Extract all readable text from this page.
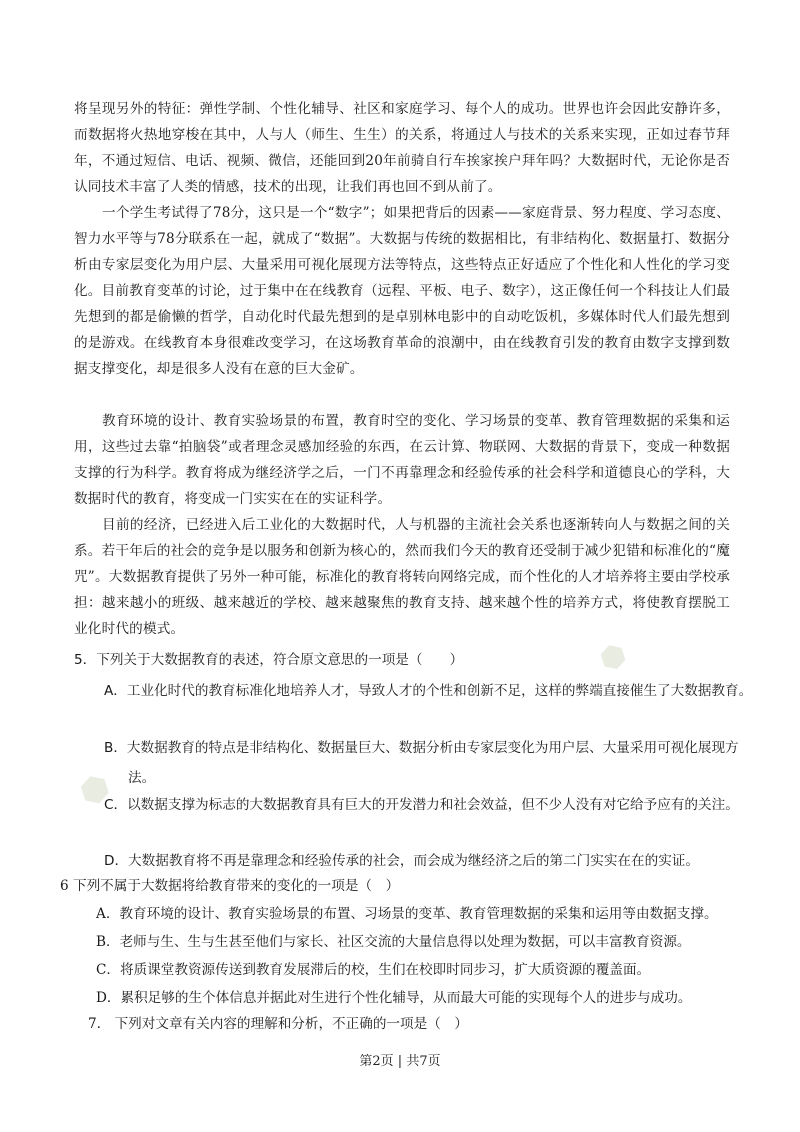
⬢
⬢

将呈现另外的特征：弹性学制、个性化辅导、社区和家庭学习、每个人的成功。世界也许会因此安静许多，而数据将火热地穿梭在其中，人与人（师生、生生）的关系，将通过人与技术的关系来实现，正如过春节拜年，不通过短信、电话、视频、微信，还能回到20年前骑自行车挨家挨户拜年吗？大数据时代，无论你是否认同技术丰富了人类的情感，技术的出现，让我们再也回不到从前了。

一个学生考试得了78分，这只是一个“数字”；如果把背后的因素——家庭背景、努力程度、学习态度、智力水平等与78分联系在一起，就成了“数据”。大数据与传统的数据相比，有非结构化、数据量打、数据分析由专家层变化为用户层、大量采用可视化展现方法等特点，这些特点正好适应了个性化和人性化的学习变化。目前教育变革的讨论，过于集中在在线教育（远程、平板、电子、数字），这正像任何一个科技让人们最先想到的都是偷懒的哲学，自动化时代最先想到的是卓别林电影中的自动吃饭机，多媒体时代人们最先想到的是游戏。在线教育本身很难改变学习，在这场教育革命的浪潮中，由在线教育引发的教育由数字支撑到数据支撑变化，却是很多人没有在意的巨大金矿。

教育环境的设计、教育实验场景的布置，教育时空的变化、学习场景的变革、教育管理数据的采集和运用，这些过去靠“拍脑袋”或者理念灵感加经验的东西，在云计算、物联网、大数据的背景下，变成一种数据支撑的行为科学。教育将成为继经济学之后，一门不再靠理念和经验传承的社会科学和道德良心的学科，大数据时代的教育，将变成一门实实在在的实证科学。

目前的经济，已经进入后工业化的大数据时代，人与机器的主流社会关系也逐渐转向人与数据之间的关系。若干年后的社会的竞争是以服务和创新为核心的，然而我们今天的教育还受制于减少犯错和标准化的“魔咒”。大数据教育提供了另外一种可能，标准化的教育将转向网络完成，而个性化的人才培养将主要由学校承担：越来越小的班级、越来越近的学校、越来越聚焦的教育支持、越来越个性的培养方式，将使教育摆脱工业化时代的模式。

5．下列关于大数据教育的表述，符合原文意思的一项是（　　）

A．工业化时代的教育标准化地培养人才，导致人才的个性和创新不足，这样的弊端直接催生了大数据教育。

B．大数据教育的特点是非结构化、数据量巨大、数据分析由专家层变化为用户层、大量采用可视化展现方法。

C．以数据支撑为标志的大数据教育具有巨大的开发潜力和社会效益，但不少人没有对它给予应有的关注。

D．大数据教育将不再是靠理念和经验传承的社会，而会成为继经济之后的第二门实实在在的实证。

6 下列不属于大数据将给教育带来的变化的一项是（　）

A．教育环境的设计、教育实验场景的布置、习场景的变革、教育管理数据的采集和运用等由数据支撑。

B．老师与生、生与生甚至他们与家长、社区交流的大量信息得以处理为数据，可以丰富教育资源。

C．将质课堂教资源传送到教育发展滞后的校，生们在校即时同步习，扩大质资源的覆盖面。

D．累积足够的生个体信息并据此对生进行个性化辅导，从而最大可能的实现每个人的进步与成功。

7.　下列对文章有关内容的理解和分析，不正确的一项是（　）

第2页 | 共7页
